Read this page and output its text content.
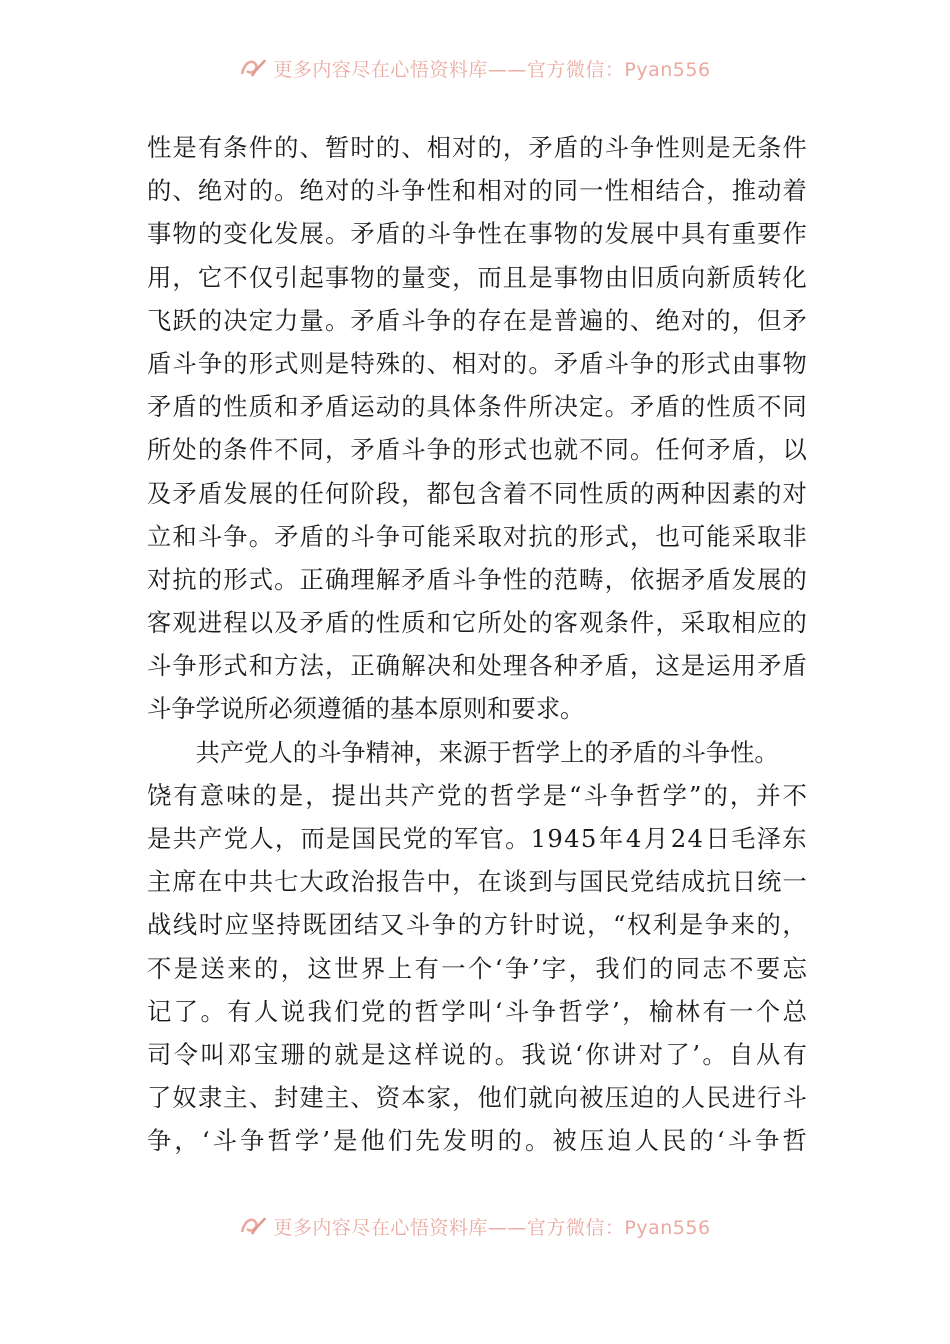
更多内容尽在心悟资料库——官方微信：Pyan556
性 是 有 条 件 的 、 暂 时 的 、 相 对 的 ， 矛 盾 的 斗 争 性 则 是 无 条 件
的 、 绝 对 的 。 绝 对 的 斗 争 性 和 相 对 的 同 一 性 相 结 合 ， 推 动 着
事 物 的 变 化 发 展 。 矛 盾 的 斗 争 性 在 事 物 的 发 展 中 具 有 重 要 作
用 ， 它 不 仅 引 起 事 物 的 量 变 ， 而 且 是 事 物 由 旧 质 向 新 质 转 化
飞 跃 的 决 定 力 量 。 矛 盾 斗 争 的 存 在 是 普 遍 的 、 绝 对 的 ， 但 矛
盾 斗 争 的 形 式 则 是 特 殊 的 、 相 对 的 。 矛 盾 斗 争 的 形 式 由 事 物
矛 盾 的 性 质 和 矛 盾 运 动 的 具 体 条 件 所 决 定 。 矛 盾 的 性 质 不 同
所 处 的 条 件 不 同 ， 矛 盾 斗 争 的 形 式 也 就 不 同 。 任 何 矛 盾 ， 以
及 矛 盾 发 展 的 任 何 阶 段 ， 都 包 含 着 不 同 性 质 的 两 种 因 素 的 对
立 和 斗 争 。 矛 盾 的 斗 争 可 能 采 取 对 抗 的 形 式 ， 也 可 能 采 取 非
对 抗 的 形 式 。 正 确 理 解 矛 盾 斗 争 性 的 范 畴 ， 依 据 矛 盾 发 展 的
客 观 进 程 以 及 矛 盾 的 性 质 和 它 所 处 的 客 观 条 件 ， 采 取 相 应 的
斗 争 形 式 和 方 法 ， 正 确 解 决 和 处 理 各 种 矛 盾 ， 这 是 运 用 矛 盾
斗争学说所必须遵循的基本原则和要求。
　　共产党人的斗争精神，来源于哲学上的矛盾的斗争性。
饶 有 意 味 的 是 ， 提 出 共 产 党 的 哲 学 是 “ 斗 争 哲 学 ” 的 ， 并 不
是 共 产 党 人 ， 而 是 国 民 党 的 军 官 。 1 9 4 5 年 4 月 2 4 日 毛 泽 东
主 席 在 中 共 七 大 政 治 报 告 中 ， 在 谈 到 与 国 民 党 结 成 抗 日 统 一
战 线 时 应 坚 持 既 团 结 又 斗 争 的 方 针 时 说 ， “ 权 利 是 争 来 的 ，
不 是 送 来 的 ， 这 世 界 上 有 一 个 ‘ 争 ’ 字 ， 我 们 的 同 志 不 要 忘
记 了 。 有 人 说 我 们 党 的 哲 学 叫 ‘ 斗 争 哲 学 ’ ， 榆 林 有 一 个 总
司 令 叫 邓 宝 珊 的 就 是 这 样 说 的 。 我 说 ‘ 你 讲 对 了 ’ 。 自 从 有
了 奴 隶 主 、 封 建 主 、 资 本 家 ， 他 们 就 向 被 压 迫 的 人 民 进 行 斗
争 ， ‘ 斗 争 哲 学 ’ 是 他 们 先 发 明 的 。 被 压 迫 人 民 的 ‘ 斗 争 哲
更多内容尽在心悟资料库——官方微信：Pyan556
